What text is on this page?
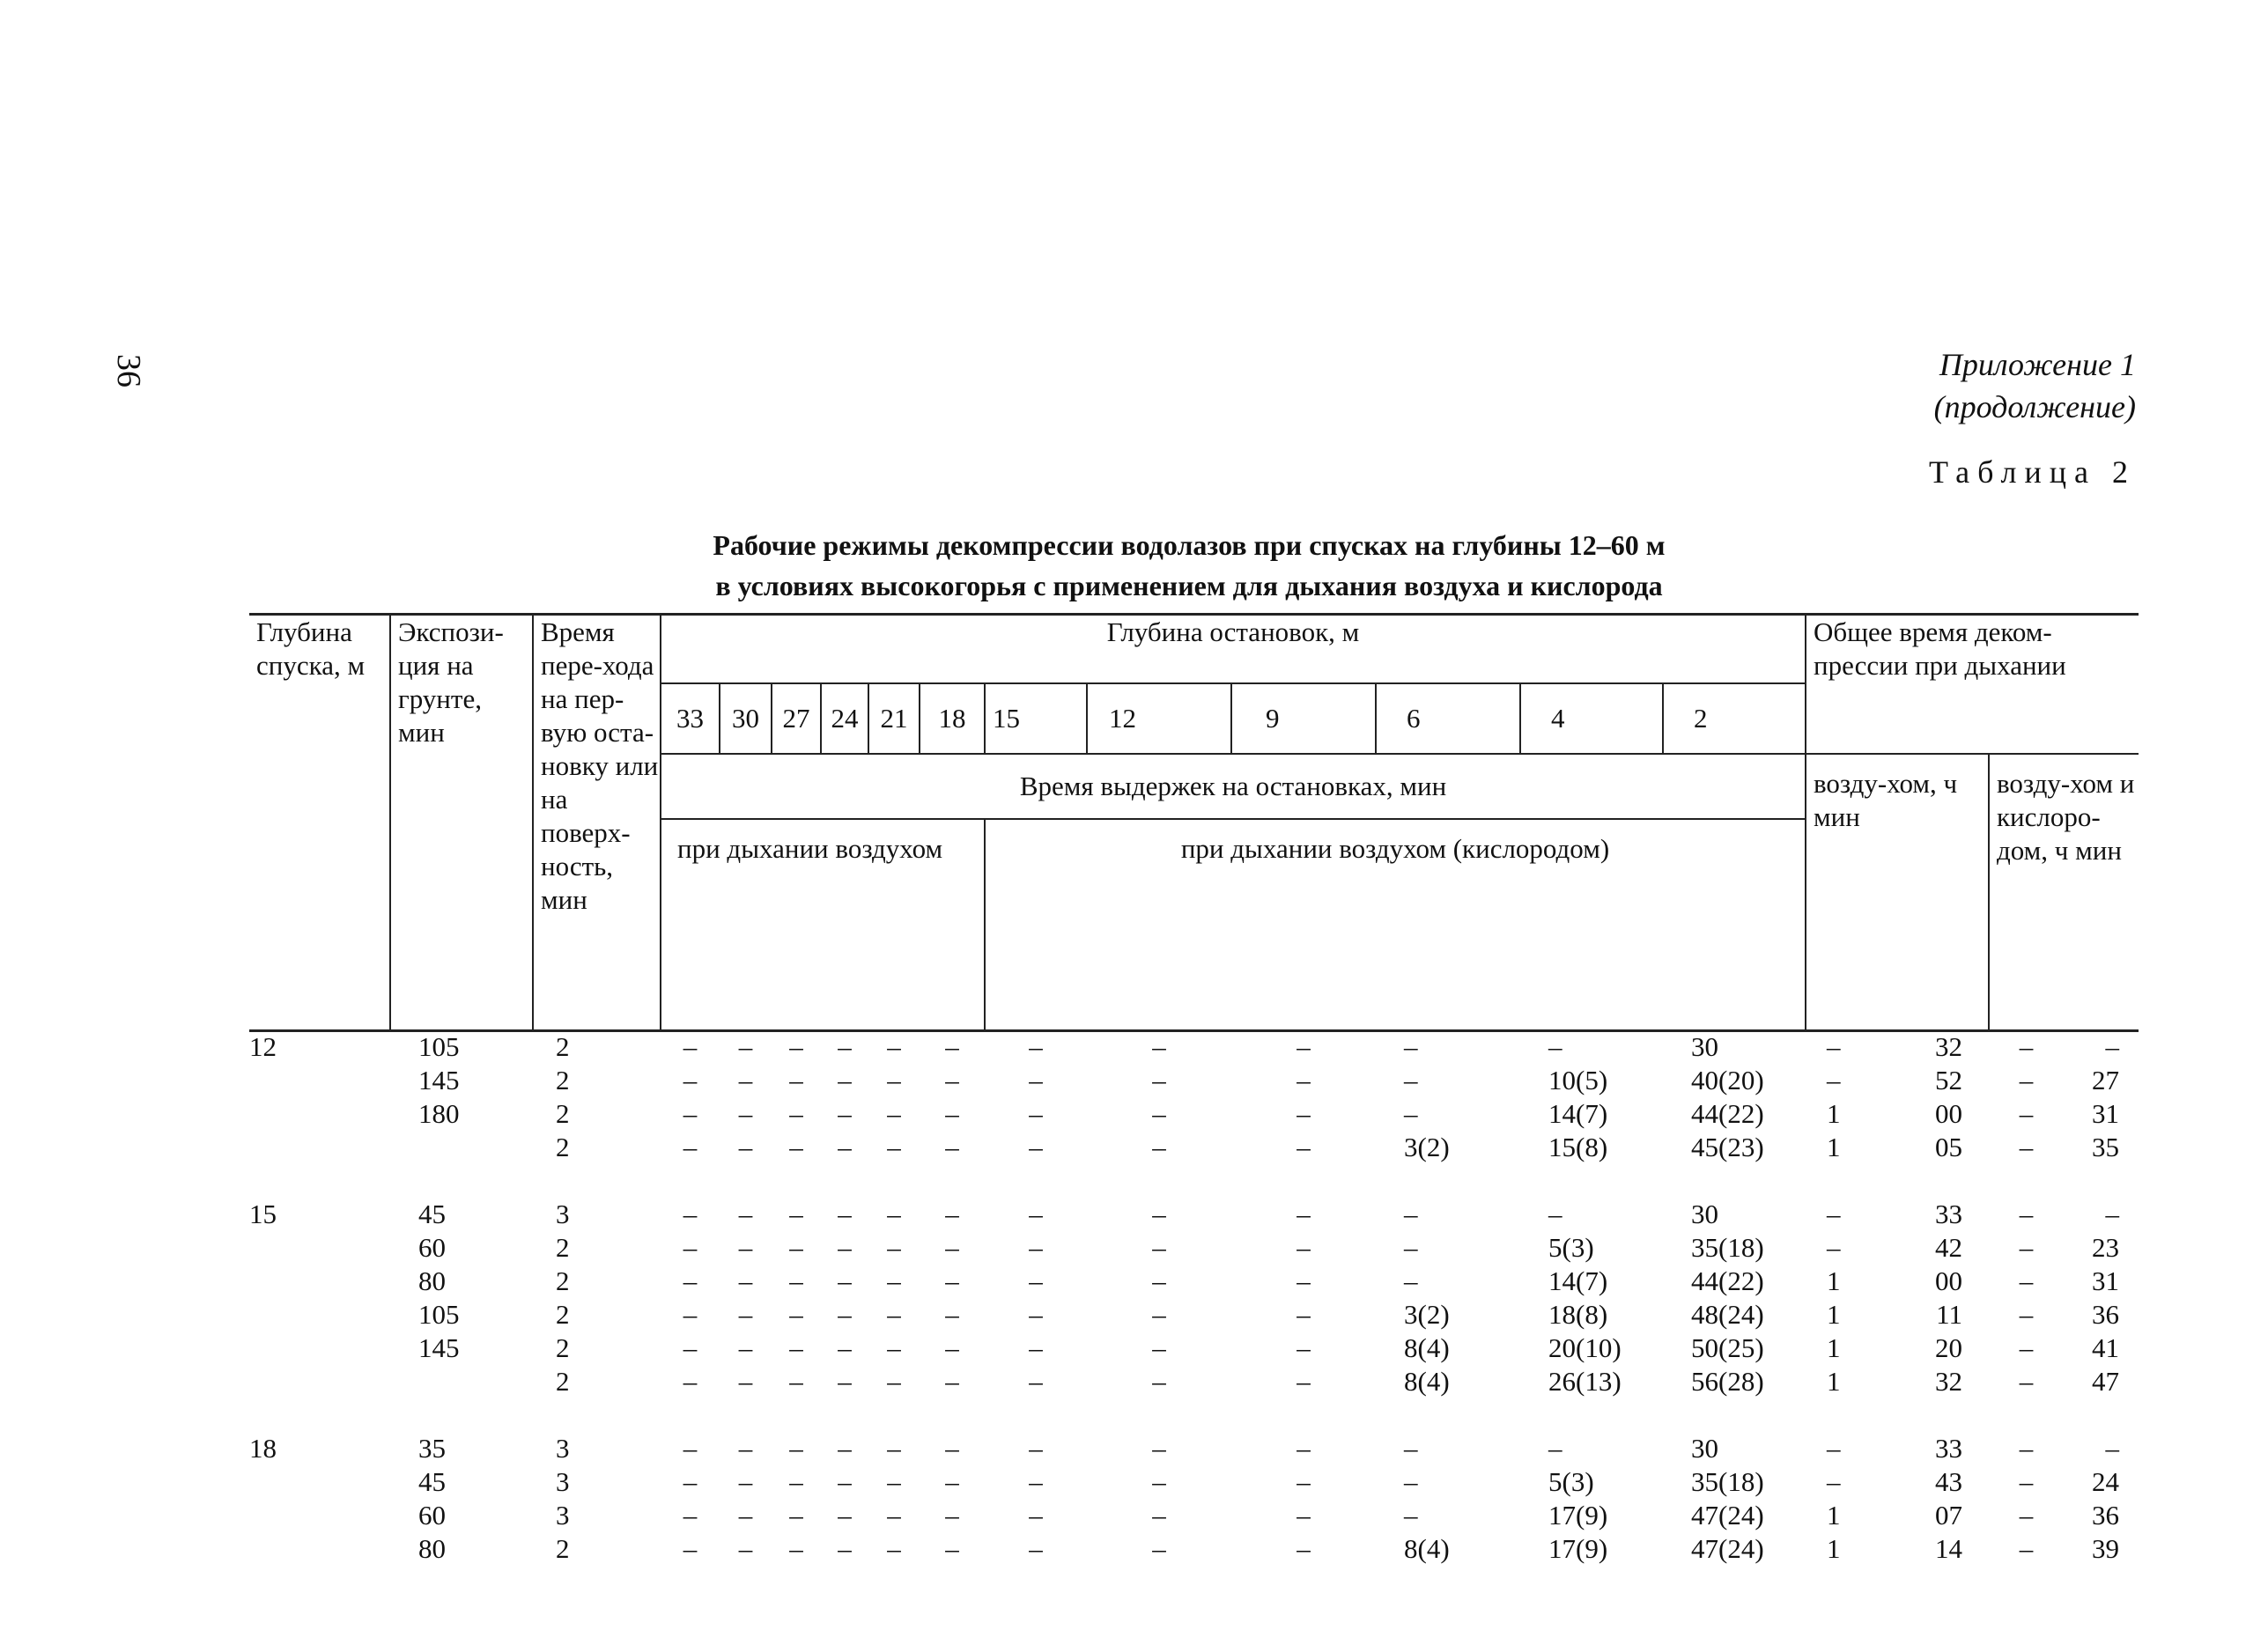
36	Приложение 1
(продолжение)
Таблица 2
Рабочие режимы декомпрессии водолазов при спусках на глубины 12–60 м
в условиях высокогорья с применением для дыхания воздуха и кислорода
Глубина спуска, м	Экспози-ция на грунте, мин	Время пере-хода на пер-вую оста-новку или на поверх-ность, мин	Глубина остановок, м												Общее время деком-прессии при дыхании	
			33	30	27	24	21	18	15	12	9	6	4	2		
			Время выдержек на остановках, мин												возду-хом, ч мин	возду-хом и кислоро-дом, ч мин
			при дыхании воздухом						при дыхании воздухом (кислородом)							

12	105	2	–	–	–	–	–	–	–	–	–	–	–	30	–	32	–	–
	145	2	–	–	–	–	–	–	–	–	–	–	10(5)	40(20)	–	52	–	27
	180	2	–	–	–	–	–	–	–	–	–	–	14(7)	44(22)	1	00	–	31
		2	–	–	–	–	–	–	–	–	–	3(2)	15(8)	45(23)	1	05	–	35

15	45	3	–	–	–	–	–	–	–	–	–	–	–	30	–	33	–	–
	60	2	–	–	–	–	–	–	–	–	–	–	5(3)	35(18)	–	42	–	23
	80	2	–	–	–	–	–	–	–	–	–	–	14(7)	44(22)	1	00	–	31
	105	2	–	–	–	–	–	–	–	–	–	3(2)	18(8)	48(24)	1	11	–	36
	145	2	–	–	–	–	–	–	–	–	–	8(4)	20(10)	50(25)	1	20	–	41
		2	–	–	–	–	–	–	–	–	–	8(4)	26(13)	56(28)	1	32	–	47

18	35	3	–	–	–	–	–	–	–	–	–	–	–	30	–	33	–	–
	45	3	–	–	–	–	–	–	–	–	–	–	5(3)	35(18)	–	43	–	24
	60	3	–	–	–	–	–	–	–	–	–	–	17(9)	47(24)	1	07	–	36
	80	2	–	–	–	–	–	–	–	–	–	8(4)	17(9)	47(24)	1	14	–	39
